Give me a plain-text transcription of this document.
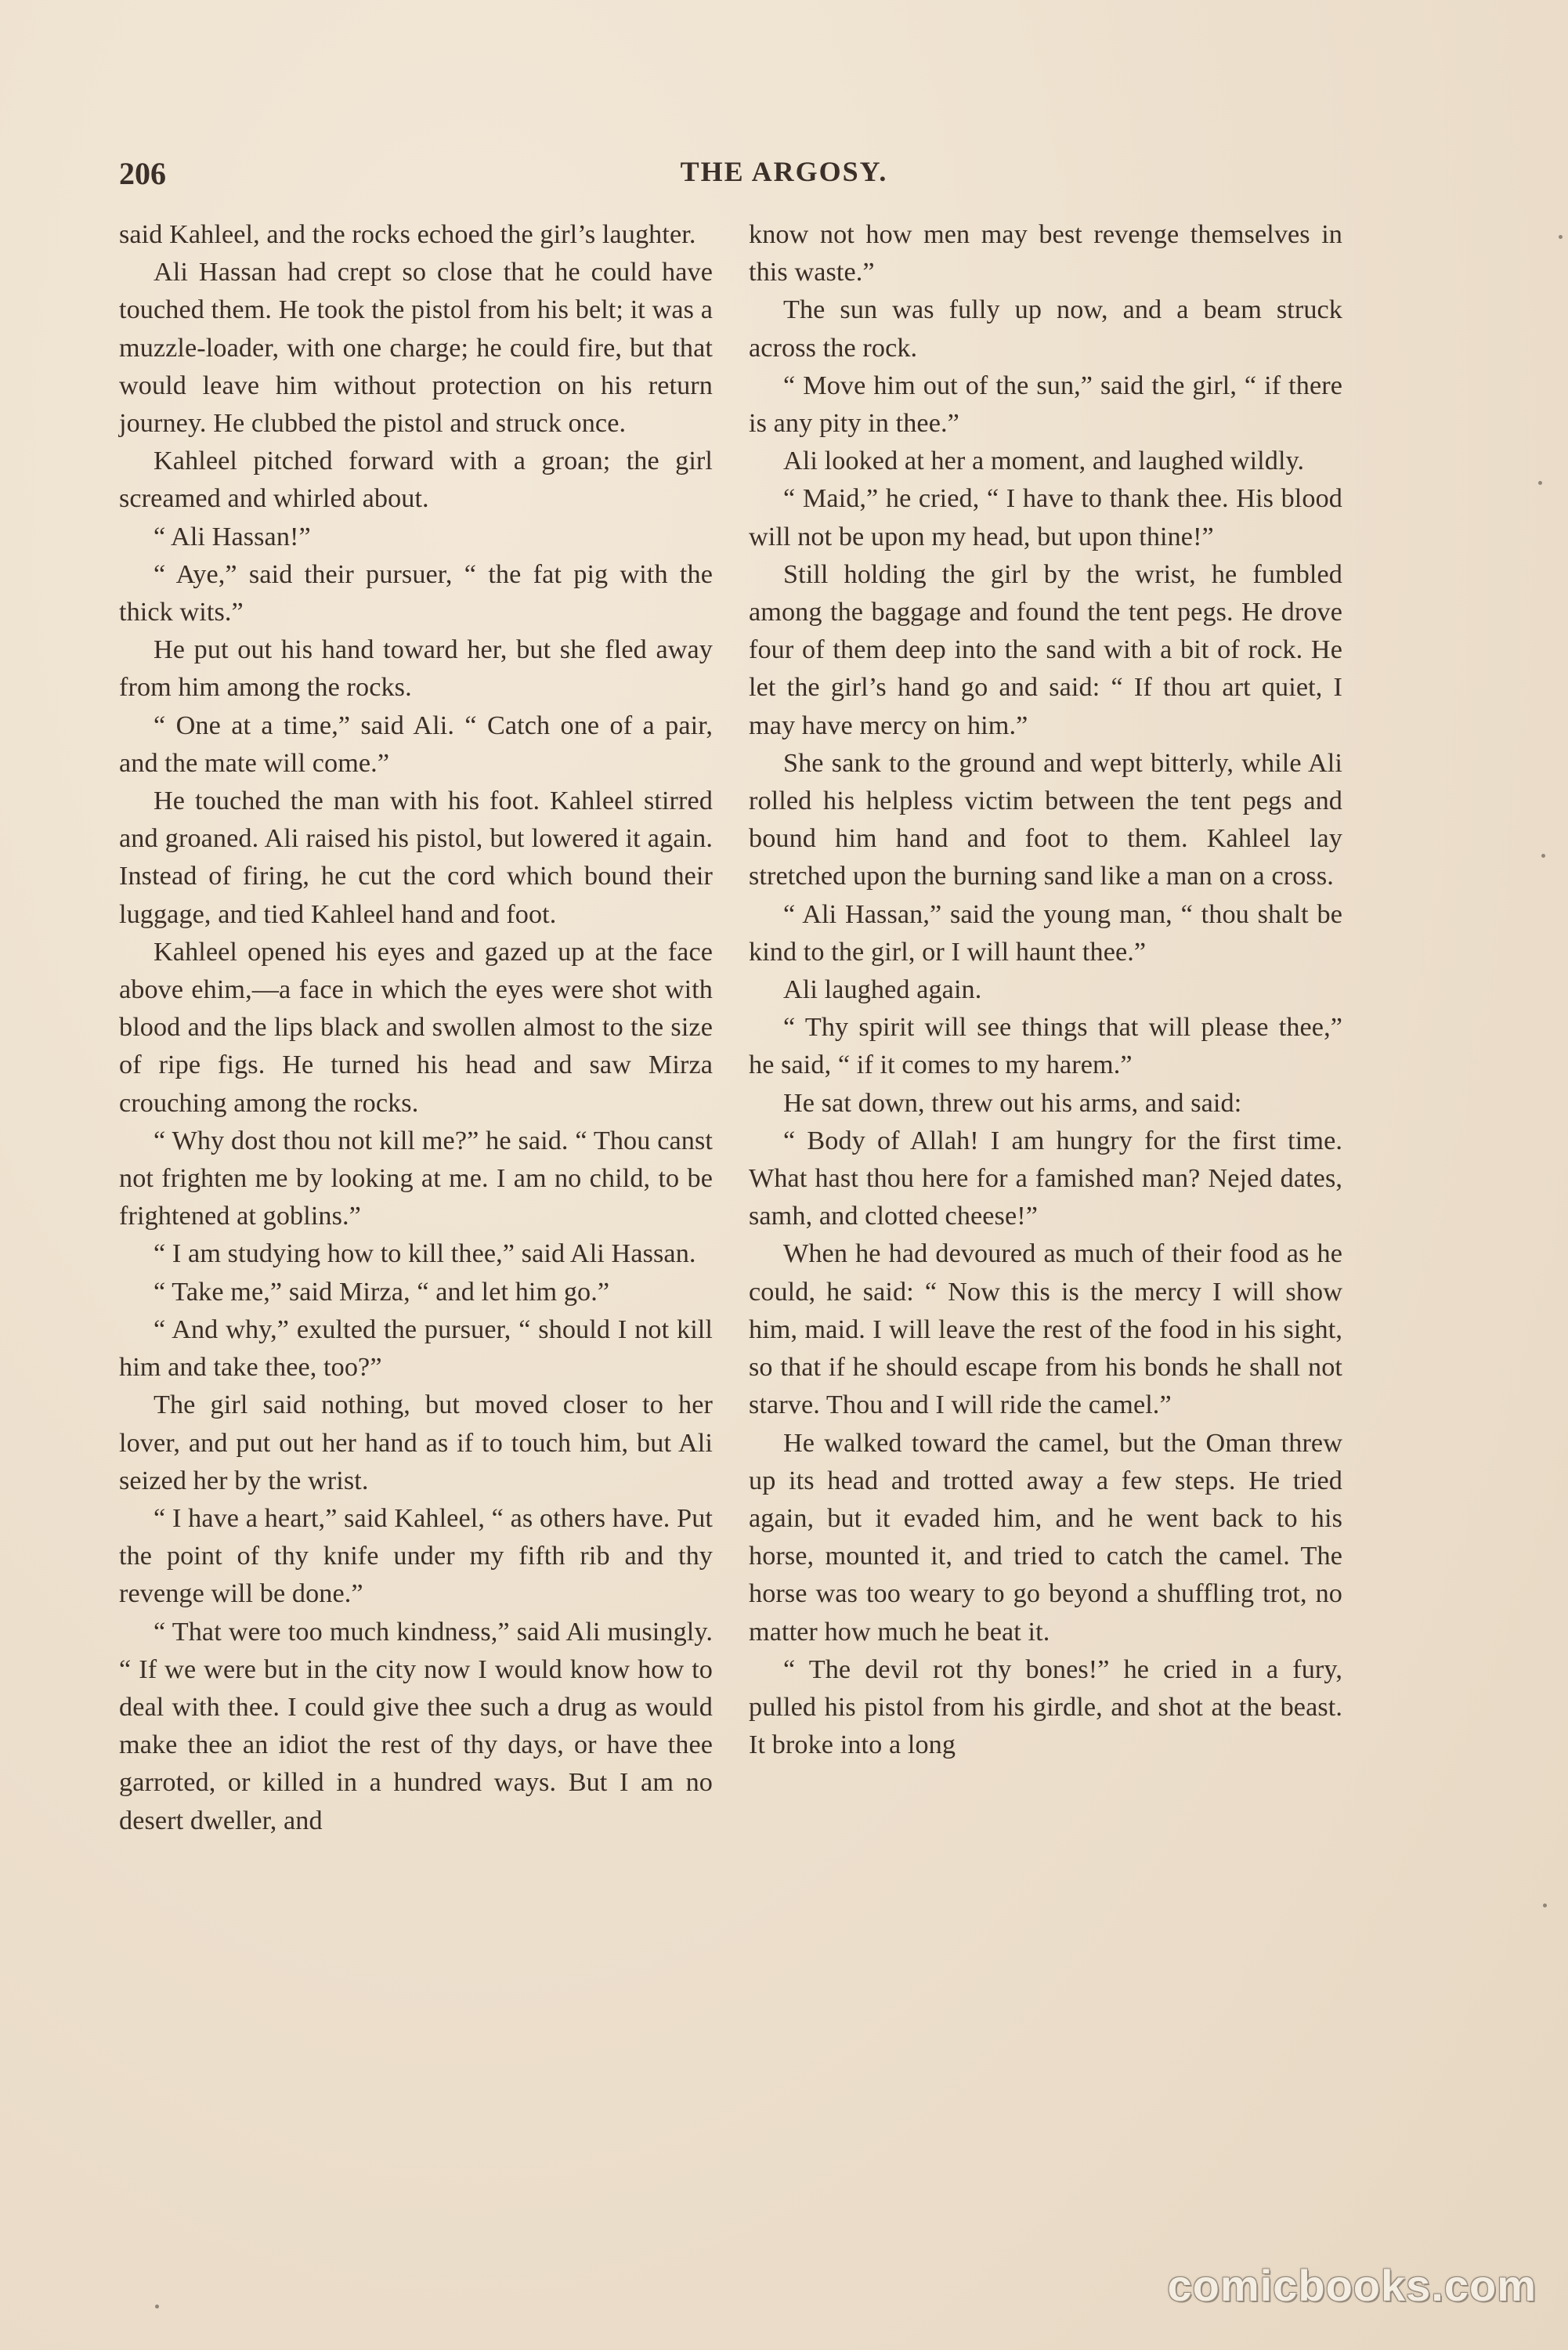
206	THE ARGOSY.

said Kahleel, and the rocks echoed the girl’s laughter.

Ali Hassan had crept so close that he could have touched them. He took the pistol from his belt; it was a muzzle-loader, with one charge; he could fire, but that would leave him without protection on his return journey. He clubbed the pistol and struck once.

Kahleel pitched forward with a groan; the girl screamed and whirled about.

“ Ali Hassan!”

“ Aye,” said their pursuer, “ the fat pig with the thick wits.”

He put out his hand toward her, but she fled away from him among the rocks.

“ One at a time,” said Ali. “ Catch one of a pair, and the mate will come.”

He touched the man with his foot. Kahleel stirred and groaned. Ali raised his pistol, but lowered it again. Instead of firing, he cut the cord which bound their luggage, and tied Kahleel hand and foot.

Kahleel opened his eyes and gazed up at the face above ehim,—a face in which the eyes were shot with blood and the lips black and swollen almost to the size of ripe figs. He turned his head and saw Mirza crouching among the rocks.

“ Why dost thou not kill me?” he said. “ Thou canst not frighten me by looking at me. I am no child, to be frightened at goblins.”

“ I am studying how to kill thee,” said Ali Hassan.

“ Take me,” said Mirza, “ and let him go.”

“ And why,” exulted the pursuer, “ should I not kill him and take thee, too?”

The girl said nothing, but moved closer to her lover, and put out her hand as if to touch him, but Ali seized her by the wrist.

“ I have a heart,” said Kahleel, “ as others have. Put the point of thy knife under my fifth rib and thy revenge will be done.”

“ That were too much kindness,” said Ali musingly. “ If we were but in the city now I would know how to deal with thee. I could give thee such a drug as would make thee an idiot the rest of thy days, or have thee garroted, or killed in a hundred ways. But I am no desert dweller, and

know not how men may best revenge themselves in this waste.”

The sun was fully up now, and a beam struck across the rock.

“ Move him out of the sun,” said the girl, “ if there is any pity in thee.”

Ali looked at her a moment, and laughed wildly.

“ Maid,” he cried, “ I have to thank thee. His blood will not be upon my head, but upon thine!”

Still holding the girl by the wrist, he fumbled among the baggage and found the tent pegs. He drove four of them deep into the sand with a bit of rock. He let the girl’s hand go and said: “ If thou art quiet, I may have mercy on him.”

She sank to the ground and wept bitterly, while Ali rolled his helpless victim between the tent pegs and bound him hand and foot to them. Kahleel lay stretched upon the burning sand like a man on a cross.

“ Ali Hassan,” said the young man, “ thou shalt be kind to the girl, or I will haunt thee.”

Ali laughed again.

“ Thy spirit will see things that will please thee,” he said, “ if it comes to my harem.”

He sat down, threw out his arms, and said:

“ Body of Allah! I am hungry for the first time. What hast thou here for a famished man? Nejed dates, samh, and clotted cheese!”

When he had devoured as much of their food as he could, he said: “ Now this is the mercy I will show him, maid. I will leave the rest of the food in his sight, so that if he should escape from his bonds he shall not starve. Thou and I will ride the camel.”

He walked toward the camel, but the Oman threw up its head and trotted away a few steps. He tried again, but it evaded him, and he went back to his horse, mounted it, and tried to catch the camel. The horse was too weary to go beyond a shuffling trot, no matter how much he beat it.

“ The devil rot thy bones!” he cried in a fury, pulled his pistol from his girdle, and shot at the beast. It broke into a long

comicbooks.com
